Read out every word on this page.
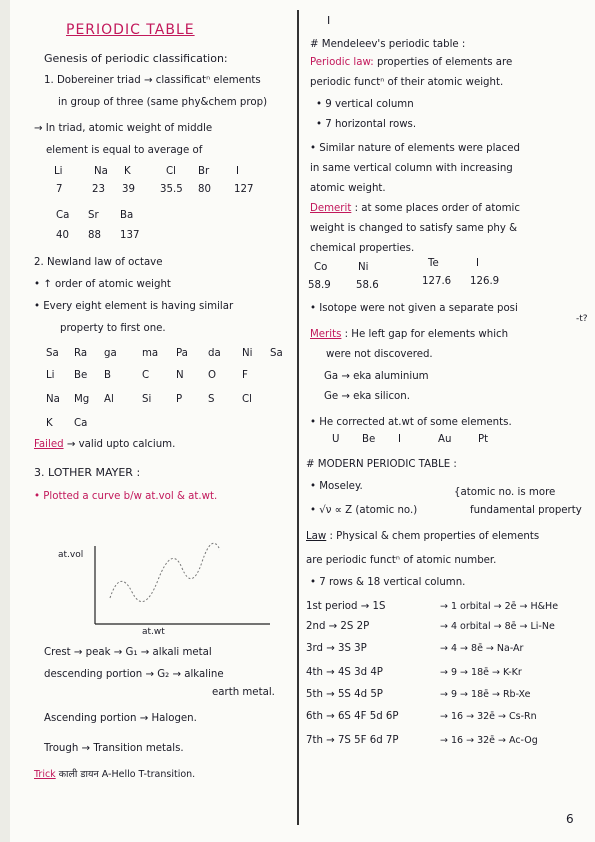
I
PERIODIC TABLE
Genesis of periodic classification:
1. Dobereiner triad → classificatⁿ elements
in group of three (same phy&chem prop)
→ In triad, atomic weight of middle
element is equal to average of
Li	Na K	Cl Br	I
7	23 39 35.5 80 127
Ca Sr Ba
40 88 137
2. Newland law of octave
• ↑ order of atomic weight
• Every eight element is having similar
property to first one.
Sa Ra ga ma Pa da Ni Sa
Li Be B	C	N O	F
Na Mg Al	Si P	S	Cl
K Ca
Failed → valid upto calcium.
3. LOTHER MAYER :
• Plotted a curve b/w at.vol & at.wt.
at.vol
at.wt
Crest → peak → G₁ → alkali metal
descending portion → G₂ → alkaline
earth metal.
Ascending portion → Halogen.
Trough → Transition metals.
Trick काली डायन A-Hello T-transition.
# Mendeleev's periodic table :
Periodic law: properties of elements are
periodic functⁿ of their atomic weight.
• 9 vertical column
• 7 horizontal rows.
• Similar nature of elements were placed
in same vertical column with increasing
atomic weight.
Demerit : at some places order of atomic
weight is changed to satisfy same phy &
chemical properties.
Co	Ni	Te	I
58.9 58.6	127.6 126.9
• Isotope were not given a separate posi
-t?
Merits : He left gap for elements which
were not discovered.
Ga → eka aluminium
Ge → eka silicon.
• He corrected at.wt of some elements.
U Be I	Au	Pt
# MODERN PERIODIC TABLE :
• Moseley.
{atomic no. is more
• √ν ∝ Z (atomic no.)	fundamental property
Law : Physical & chem properties of elements
are periodic functⁿ of atomic number.
• 7 rows & 18 vertical column.
1st period → 1S	→ 1 orbital → 2ē → H&He
2nd → 2S 2P	→ 4 orbital → 8ē → Li-Ne
3rd → 3S 3P	→ 4 → 8ē → Na-Ar
4th → 4S 3d 4P	→ 9 → 18ē → K-Kr
5th → 5S 4d 5P	→ 9 → 18ē → Rb-Xe
6th → 6S 4F 5d 6P	→ 16 → 32ē → Cs-Rn
7th → 7S 5F 6d 7P	→ 16 → 32ē → Ac-Og
6
